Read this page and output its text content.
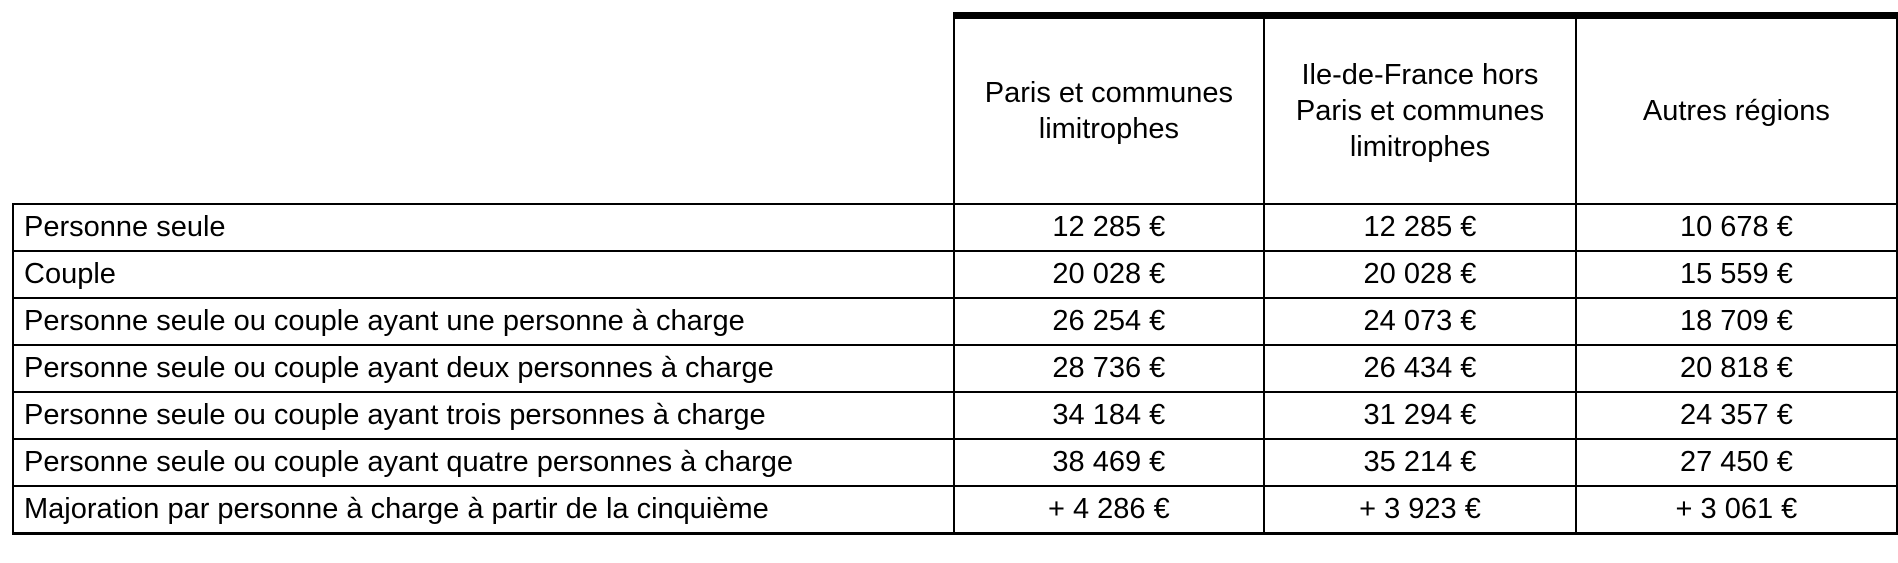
	Paris et communes limitrophes	Ile-de-France hors Paris et communes limitrophes	Autres régions
Personne seule	12 285 €	12 285 €	10 678 €
Couple	20 028 €	20 028 €	15 559 €
Personne seule ou couple ayant une personne à charge	26 254 €	24 073 €	18 709 €
Personne seule ou couple ayant deux personnes à charge	28 736 €	26 434 €	20 818 €
Personne seule ou couple ayant trois personnes à charge	34 184 €	31 294 €	24 357 €
Personne seule ou couple ayant quatre personnes à charge	38 469 €	35 214 €	27 450 €
Majoration par personne à charge à partir de la cinquième	+ 4 286 €	+ 3 923 €	+ 3 061 €
